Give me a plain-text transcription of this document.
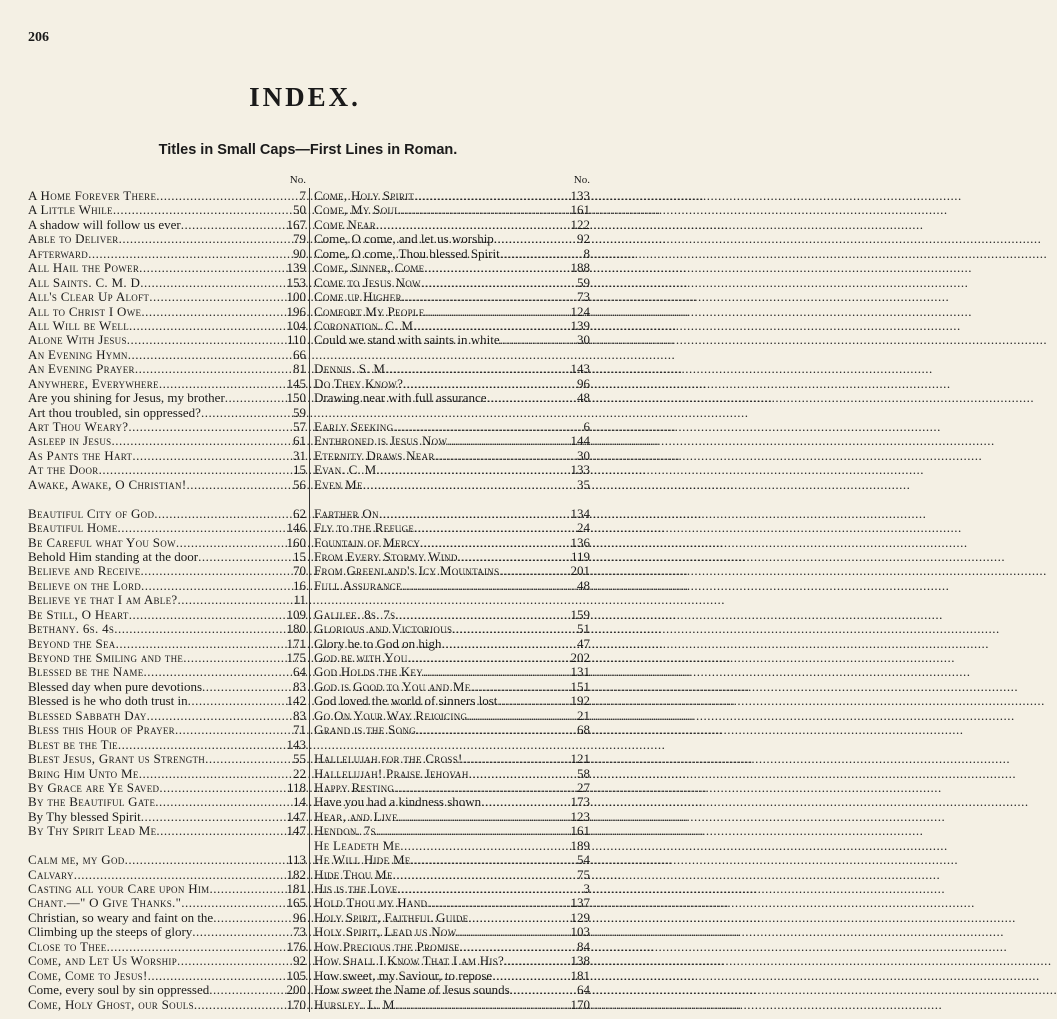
206
INDEX.
Titles in Small Caps—First Lines in Roman.
No.
A Home Forever There .....	7
A Little While .....	50
A shadow will follow us ever .....	167
Able to Deliver .....	79
Afterward .....	90
All Hail the Power .....	139
All Saints. C. M. D .....	153
All's Clear Up Aloft .....	100
All to Christ I Owe .....	196
All Will be Well .....	104
Alone With Jesus .....	110
An Evening Hymn .....	66
An Evening Prayer .....	81
Anywhere, Everywhere .....	145
Are you shining for Jesus, my brother .....	150
Art thou troubled, sin oppressed? .....	59
Art Thou Weary? .....	57
Asleep in Jesus .....	61
As Pants the Hart .....	31
At the Door .....	15
Awake, Awake, O Christian! .....	56
Beautiful City of God .....	62
Beautiful Home .....	146
Be Careful what You Sow .....	160
Behold Him standing at the door .....	15
Believe and Receive .....	70
Believe on the Lord .....	16
Believe ye that I am Able? .....	11
Be Still, O Heart .....	109
Bethany. 6s. 4s .....	180
Beyond the Sea .....	171
Beyond the Smiling and the .....	175
Blessed be the Name .....	64
Blessed day when pure devotions .....	83
Blessed is he who doth trust in .....	142
Blessed Sabbath Day .....	83
Bless this Hour of Prayer .....	71
Blest be the Tie .....	143
Blest Jesus, Grant us Strength .....	55
Bring Him Unto Me .....	22
By Grace are Ye Saved .....	118
By the Beautiful Gate .....	14
By Thy blessed Spirit .....	147
By Thy Spirit Lead Me .....	147
Calm me, my God .....	113
Calvary .....	182
Casting all your Care upon Him .....	181
Chant.—" O Give Thanks." .....	165
Christian, so weary and faint on the .....	96
Climbing up the steeps of glory .....	73
Close to Thee .....	176
Come, and Let Us Worship .....	92
Come, Come to Jesus! .....	105
Come, every soul by sin oppressed .....	200
Come, Holy Ghost, our Souls .....	170
No.
Come, Holy Spirit .....	133
Come, My Soul .....	161
Come Near .....	122
Come, O come, and let us worship .....	92
Come, O come, Thou blessed Spirit .....	8
Come, Sinner, Come .....	188
Come to Jesus Now .....	59
Come up Higher .....	73
Comfort My People .....	124
Coronation. C. M .....	139
Could we stand with saints in white .....	30
Dennis. S. M .....	143
Do They Know? .....	96
Drawing near with full assurance .....	48
Early Seeking .....	6
Enthroned is Jesus Now .....	144
Eternity Draws Near .....	30
Evan. C. M .....	133
Even Me .....	35
Farther On .....	134
Fly to the Refuge .....	24
Fountain of Mercy .....	136
From Every Stormy Wind .....	119
From Greenland's Icy Mountains .....	201
Full Assurance .....	48
Galilee. 8s. 7s .....	159
Glorious and Victorious .....	51
Glory be to God on high .....	47
God be with You .....	202
God Holds the Key .....	131
God is Good to You and Me .....	151
God loved the world of sinners lost .....	192
Go On Your Way Rejoicing .....	21
Grand is the Song .....	68
Hallelujah for the Cross! .....	121
Hallelujah! Praise Jehovah .....	58
Happy Resting .....	27
Have you had a kindness shown .....	173
Hear, and Live .....	123
Hendon. 7s .....	161
He Leadeth Me .....	189
He Will Hide Me .....	54
Hide Thou Me .....	75
His is the Love .....	3
Hold Thou my Hand .....	137
Holy Spirit, Faithful Guide .....	129
Holy Spirit, Lead us Now .....	103
How Precious the Promise .....	84
How Shall I Know That I am His? .....	138
How sweet, my Saviour, to repose .....	181
How sweet the Name of Jesus sounds .....	64
Hursley. L. M .....	170
